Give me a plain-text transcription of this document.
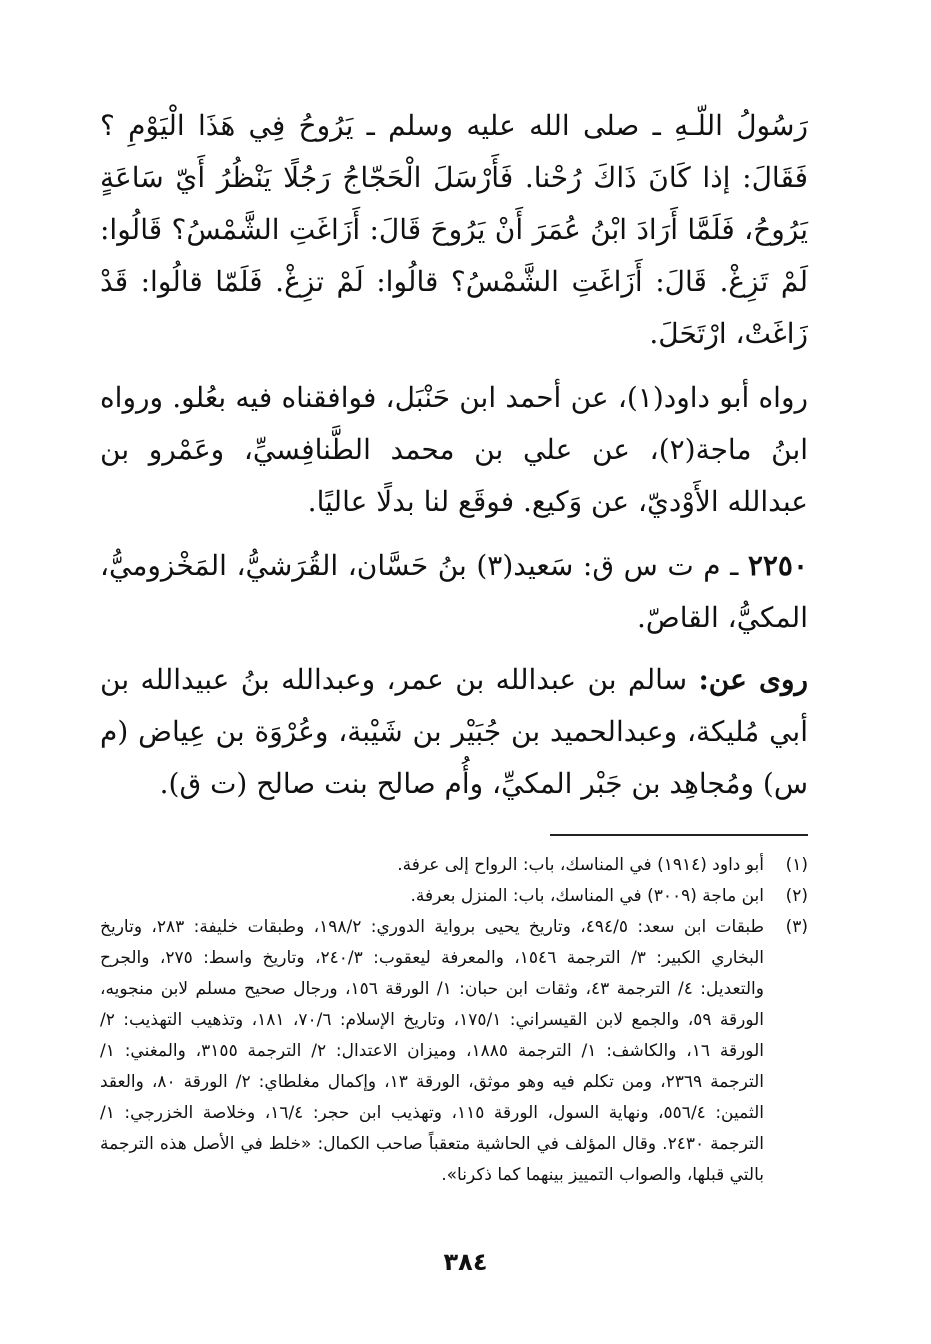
رَسُولُ اللّـهِ ـ صلى الله عليه وسلم ـ يَرُوحُ فِي هَذَا الْيَوْمِ ؟ فَقَالَ: إذا كَانَ ذَاكَ رُحْنا. فَأَرْسَلَ الْحَجّاجُ رَجُلًا يَنْظُرُ أَيّ سَاعَةٍ يَرُوحُ، فَلَمَّا أَرَادَ ابْنُ عُمَرَ أَنْ يَرُوحَ قَالَ: أَزَاغَتِ الشَّمْسُ؟ قَالُوا: لَمْ تَزِغْ. قَالَ: أَزَاغَتِ الشَّمْسُ؟ قالُوا: لَمْ تزِغْ. فَلَمّا قالُوا: قَدْ زَاغَتْ، ارْتَحَلَ.

رواه أبو داود(١)، عن أحمد ابن حَنْبَل، فوافقناه فيه بعُلو. ورواه ابنُ ماجة(٢)، عن علي بن محمد الطَّنافِسيِّ، وعَمْرو بن عبدالله الأَوْديّ، عن وَكيع. فوقَع لنا بدلًا عاليًا.

٢٢٥٠ ـ م ت س ق: سَعيد(٣) بنُ حَسَّان، القُرَشيُّ، المَخْزوميُّ، المكيُّ، القاصّ.

روى عن: سالم بن عبدالله بن عمر، وعبدالله بنُ عبيدالله بن أبي مُليكة، وعبدالحميد بن جُبَيْر بن شَيْبة، وعُرْوَة بن عِياض (م س) ومُجاهِد بن جَبْر المكيِّ، وأُم صالح بنت صالح (ت ق).

(١)
أبو داود (١٩١٤) في المناسك، باب: الرواح إلى عرفة.
(٢)
ابن ماجة (٣٠٠٩) في المناسك، باب: المنزل بعرفة.
(٣)
طبقات ابن سعد: ٤٩٤/٥، وتاريخ يحيى برواية الدوري: ١٩٨/٢، وطبقات خليفة: ٢٨٣، وتاريخ البخاري الكبير: ٣/ الترجمة ١٥٤٦، والمعرفة ليعقوب: ٢٤٠/٣، وتاريخ واسط: ٢٧٥، والجرح والتعديل: ٤/ الترجمة ٤٣، وثقات ابن حبان: ١/ الورقة ١٥٦، ورجال صحيح مسلم لابن منجويه، الورقة ٥٩، والجمع لابن القيسراني: ١٧٥/١، وتاريخ الإسلام: ٧٠/٦، ١٨١، وتذهيب التهذيب: ٢/ الورقة ١٦، والكاشف: ١/ الترجمة ١٨٨٥، وميزان الاعتدال: ٢/ الترجمة ٣١٥٥، والمغني: ١/ الترجمة ٢٣٦٩، ومن تكلم فيه وهو موثق، الورقة ١٣، وإكمال مغلطاي: ٢/ الورقة ٨٠، والعقد الثمين: ٥٥٦/٤، ونهاية السول، الورقة ١١٥، وتهذيب ابن حجر: ١٦/٤، وخلاصة الخزرجي: ١/ الترجمة ٢٤٣٠. وقال المؤلف في الحاشية متعقباً صاحب الكمال: «خلط في الأصل هذه الترجمة بالتي قبلها، والصواب التمييز بينهما كما ذكرنا».
٣٨٤
